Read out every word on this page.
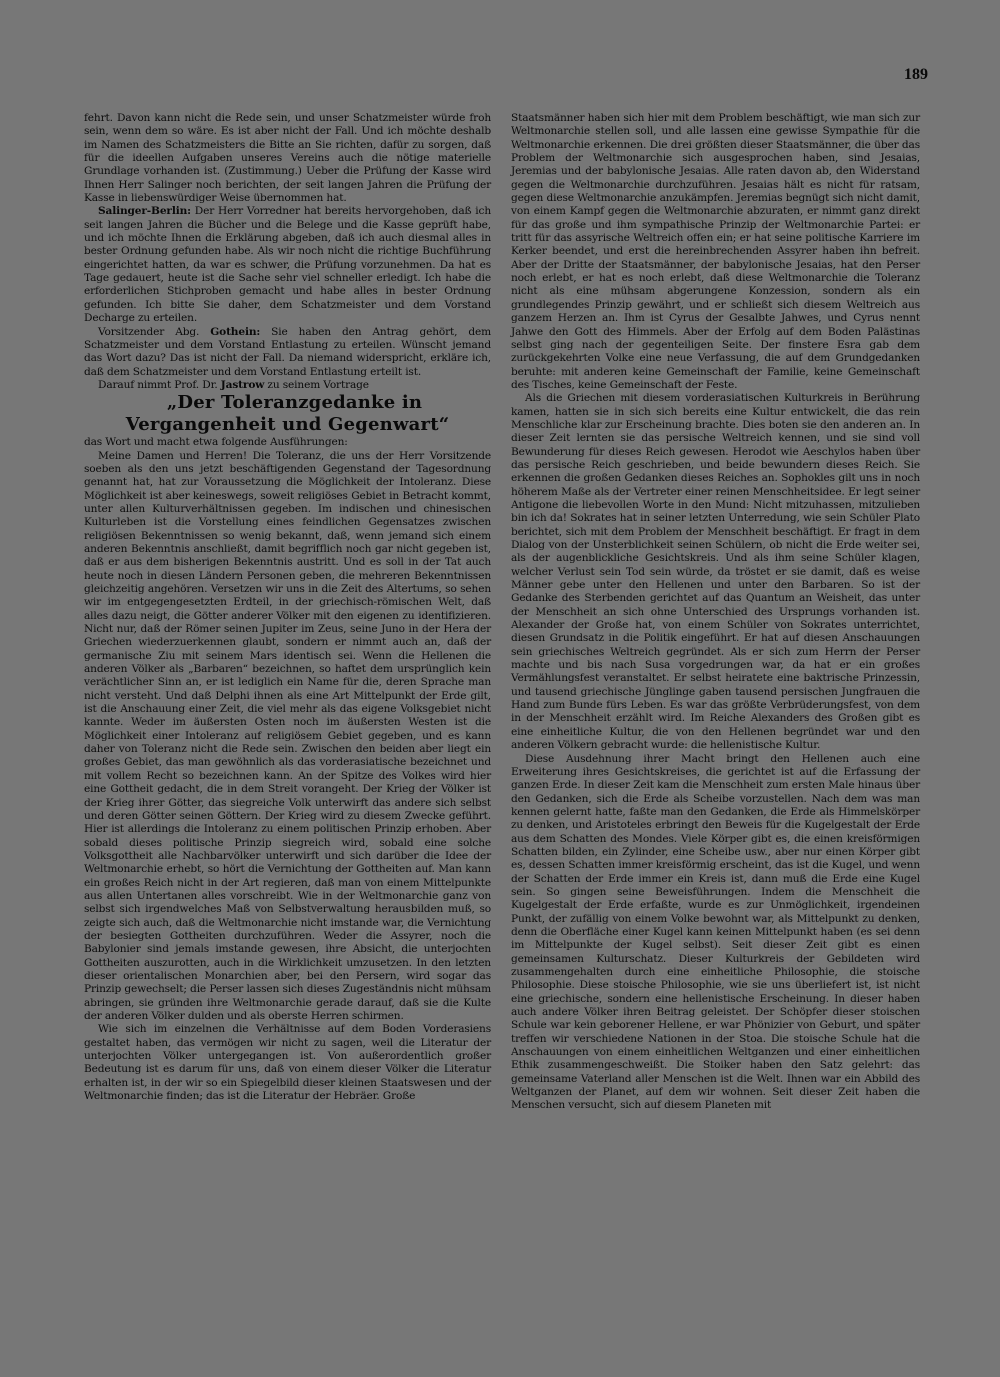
189

fehrt. Davon kann nicht die Rede sein, und unser Schatzmeister würde froh sein, wenn dem so wäre. Es ist aber nicht der Fall. Und ich möchte deshalb im Namen des Schatzmeisters die Bitte an Sie richten, dafür zu sorgen, daß für die ideellen Aufgaben unseres Vereins auch die nötige materielle Grundlage vorhanden ist. (Zustimmung.) Ueber die Prüfung der Kasse wird Ihnen Herr Salinger noch berichten, der seit langen Jahren die Prüfung der Kasse in liebenswürdiger Weise übernommen hat.

Salinger-Berlin: Der Herr Vorredner hat bereits hervorgehoben, daß ich seit langen Jahren die Bücher und die Belege und die Kasse geprüft habe, und ich möchte Ihnen die Erklärung abgeben, daß ich auch diesmal alles in bester Ordnung gefunden habe. Als wir noch nicht die richtige Buchführung eingerichtet hatten, da war es schwer, die Prüfung vorzunehmen. Da hat es Tage gedauert, heute ist die Sache sehr viel schneller erledigt. Ich habe die erforderlichen Stichproben gemacht und habe alles in bester Ordnung gefunden. Ich bitte Sie daher, dem Schatzmeister und dem Vorstand Decharge zu erteilen.

Vorsitzender Abg. Gothein: Sie haben den Antrag gehört, dem Schatzmeister und dem Vorstand Entlastung zu erteilen. Wünscht jemand das Wort dazu? Das ist nicht der Fall. Da niemand widerspricht, erkläre ich, daß dem Schatzmeister und dem Vorstand Entlastung erteilt ist.

Darauf nimmt Prof. Dr. Jastrow zu seinem Vortrage

„Der Toleranzgedanke in Vergangenheit und Gegenwart“

das Wort und macht etwa folgende Ausführungen:

Meine Damen und Herren! Die Toleranz, die uns der Herr Vorsitzende soeben als den uns jetzt beschäftigenden Gegenstand der Tagesordnung genannt hat, hat zur Voraussetzung die Möglichkeit der Intoleranz. Diese Möglichkeit ist aber keineswegs, soweit religiöses Gebiet in Betracht kommt, unter allen Kulturverhältnissen gegeben. Im indischen und chinesischen Kulturleben ist die Vorstellung eines feindlichen Gegensatzes zwischen religiösen Bekenntnissen so wenig bekannt, daß, wenn jemand sich einem anderen Bekenntnis anschließt, damit begrifflich noch gar nicht gegeben ist, daß er aus dem bisherigen Bekenntnis austritt. Und es soll in der Tat auch heute noch in diesen Ländern Personen geben, die mehreren Bekenntnissen gleichzeitig angehören. Versetzen wir uns in die Zeit des Altertums, so sehen wir im entgegengesetzten Erdteil, in der griechisch-römischen Welt, daß alles dazu neigt, die Götter anderer Völker mit den eigenen zu identifizieren. Nicht nur, daß der Römer seinen Jupiter im Zeus, seine Juno in der Hera der Griechen wiederzuerkennen glaubt, sondern er nimmt auch an, daß der germanische Ziu mit seinem Mars identisch sei. Wenn die Hellenen die anderen Völker als „Barbaren“ bezeichnen, so haftet dem ursprünglich kein verächtlicher Sinn an, er ist lediglich ein Name für die, deren Sprache man nicht versteht. Und daß Delphi ihnen als eine Art Mittelpunkt der Erde gilt, ist die Anschauung einer Zeit, die viel mehr als das eigene Volksgebiet nicht kannte. Weder im äußersten Osten noch im äußersten Westen ist die Möglichkeit einer Intoleranz auf religiösem Gebiet gegeben, und es kann daher von Toleranz nicht die Rede sein. Zwischen den beiden aber liegt ein großes Gebiet, das man gewöhnlich als das vorderasiatische bezeichnet und mit vollem Recht so bezeichnen kann. An der Spitze des Volkes wird hier eine Gottheit gedacht, die in dem Streit vorangeht. Der Krieg der Völker ist der Krieg ihrer Götter, das siegreiche Volk unterwirft das andere sich selbst und deren Götter seinen Göttern. Der Krieg wird zu diesem Zwecke geführt. Hier ist allerdings die Intoleranz zu einem politischen Prinzip erhoben. Aber sobald dieses politische Prinzip siegreich wird, sobald eine solche Volksgottheit alle Nachbarvölker unterwirft und sich darüber die Idee der Weltmonarchie erhebt, so hört die Vernichtung der Gottheiten auf. Man kann ein großes Reich nicht in der Art regieren, daß man von einem Mittelpunkte aus allen Untertanen alles vorschreibt. Wie in der Weltmonarchie ganz von selbst sich irgendwelches Maß von Selbstverwaltung herausbilden muß, so zeigte sich auch, daß die Weltmonarchie nicht imstande war, die Vernichtung der besiegten Gottheiten durchzuführen. Weder die Assyrer, noch die Babylonier sind jemals imstande gewesen, ihre Absicht, die unterjochten Gottheiten auszurotten, auch in die Wirklichkeit umzusetzen. In den letzten dieser orientalischen Monarchien aber, bei den Persern, wird sogar das Prinzip gewechselt; die Perser lassen sich dieses Zugeständnis nicht mühsam abringen, sie gründen ihre Weltmonarchie gerade darauf, daß sie die Kulte der anderen Völker dulden und als oberste Herren schirmen.

Wie sich im einzelnen die Verhältnisse auf dem Boden Vorderasiens gestaltet haben, das vermögen wir nicht zu sagen, weil die Literatur der unterjochten Völker untergegangen ist. Von außerordentlich großer Bedeutung ist es darum für uns, daß von einem dieser Völker die Literatur erhalten ist, in der wir so ein Spiegelbild dieser kleinen Staatswesen und der Weltmonarchie finden; das ist die Literatur der Hebräer. Große

Staatsmänner haben sich hier mit dem Problem beschäftigt, wie man sich zur Weltmonarchie stellen soll, und alle lassen eine gewisse Sympathie für die Weltmonarchie erkennen. Die drei größten dieser Staatsmänner, die über das Problem der Weltmonarchie sich ausgesprochen haben, sind Jesaias, Jeremias und der babylonische Jesaias. Alle raten davon ab, den Widerstand gegen die Weltmonarchie durchzuführen. Jesaias hält es nicht für ratsam, gegen diese Weltmonarchie anzukämpfen. Jeremias begnügt sich nicht damit, von einem Kampf gegen die Weltmonarchie abzuraten, er nimmt ganz direkt für das große und ihm sympathische Prinzip der Weltmonarchie Partei: er tritt für das assyrische Weltreich offen ein; er hat seine politische Karriere im Kerker beendet, und erst die hereinbrechenden Assyrer haben ihn befreit. Aber der Dritte der Staatsmänner, der babylonische Jesaias, hat den Perser noch erlebt, er hat es noch erlebt, daß diese Weltmonarchie die Toleranz nicht als eine mühsam abgerungene Konzession, sondern als ein grundlegendes Prinzip gewährt, und er schließt sich diesem Weltreich aus ganzem Herzen an. Ihm ist Cyrus der Gesalbte Jahwes, und Cyrus nennt Jahwe den Gott des Himmels. Aber der Erfolg auf dem Boden Palästinas selbst ging nach der gegenteiligen Seite. Der finstere Esra gab dem zurückgekehrten Volke eine neue Verfassung, die auf dem Grundgedanken beruhte: mit anderen keine Gemeinschaft der Familie, keine Gemeinschaft des Tisches, keine Gemeinschaft der Feste.

Als die Griechen mit diesem vorderasiatischen Kulturkreis in Berührung kamen, hatten sie in sich sich bereits eine Kultur entwickelt, die das rein Menschliche klar zur Erscheinung brachte. Dies boten sie den anderen an. In dieser Zeit lernten sie das persische Weltreich kennen, und sie sind voll Bewunderung für dieses Reich gewesen. Herodot wie Aeschylos haben über das persische Reich geschrieben, und beide bewundern dieses Reich. Sie erkennen die großen Gedanken dieses Reiches an. Sophokles gilt uns in noch höherem Maße als der Vertreter einer reinen Menschheitsidee. Er legt seiner Antigone die liebevollen Worte in den Mund: Nicht mitzuhassen, mitzulieben bin ich da! Sokrates hat in seiner letzten Unterredung, wie sein Schüler Plato berichtet, sich mit dem Problem der Menschheit beschäftigt. Er fragt in dem Dialog von der Unsterblichkeit seinen Schülern, ob nicht die Erde weiter sei, als der augenblickliche Gesichtskreis. Und als ihm seine Schüler klagen, welcher Verlust sein Tod sein würde, da tröstet er sie damit, daß es weise Männer gebe unter den Hellenen und unter den Barbaren. So ist der Gedanke des Sterbenden gerichtet auf das Quantum an Weisheit, das unter der Menschheit an sich ohne Unterschied des Ursprungs vorhanden ist. Alexander der Große hat, von einem Schüler von Sokrates unterrichtet, diesen Grundsatz in die Politik eingeführt. Er hat auf diesen Anschauungen sein griechisches Weltreich gegründet. Als er sich zum Herrn der Perser machte und bis nach Susa vorgedrungen war, da hat er ein großes Vermählungsfest veranstaltet. Er selbst heiratete eine baktrische Prinzessin, und tausend griechische Jünglinge gaben tausend persischen Jungfrauen die Hand zum Bunde fürs Leben. Es war das größte Verbrüderungsfest, von dem in der Menschheit erzählt wird. Im Reiche Alexanders des Großen gibt es eine einheitliche Kultur, die von den Hellenen begründet war und den anderen Völkern gebracht wurde: die hellenistische Kultur.

Diese Ausdehnung ihrer Macht bringt den Hellenen auch eine Erweiterung ihres Gesichtskreises, die gerichtet ist auf die Erfassung der ganzen Erde. In dieser Zeit kam die Menschheit zum ersten Male hinaus über den Gedanken, sich die Erde als Scheibe vorzustellen. Nach dem was man kennen gelernt hatte, faßte man den Gedanken, die Erde als Himmelskörper zu denken, und Aristoteles erbringt den Beweis für die Kugelgestalt der Erde aus dem Schatten des Mondes. Viele Körper gibt es, die einen kreisförmigen Schatten bilden, ein Zylinder, eine Scheibe usw., aber nur einen Körper gibt es, dessen Schatten immer kreisförmig erscheint, das ist die Kugel, und wenn der Schatten der Erde immer ein Kreis ist, dann muß die Erde eine Kugel sein. So gingen seine Beweisführungen. Indem die Menschheit die Kugelgestalt der Erde erfaßte, wurde es zur Unmöglichkeit, irgendeinen Punkt, der zufällig von einem Volke bewohnt war, als Mittelpunkt zu denken, denn die Oberfläche einer Kugel kann keinen Mittelpunkt haben (es sei denn im Mittelpunkte der Kugel selbst). Seit dieser Zeit gibt es einen gemeinsamen Kulturschatz. Dieser Kulturkreis der Gebildeten wird zusammengehalten durch eine einheitliche Philosophie, die stoische Philosophie. Diese stoische Philosophie, wie sie uns überliefert ist, ist nicht eine griechische, sondern eine hellenistische Erscheinung. In dieser haben auch andere Völker ihren Beitrag geleistet. Der Schöpfer dieser stoischen Schule war kein geborener Hellene, er war Phönizier von Geburt, und später treffen wir verschiedene Nationen in der Stoa. Die stoische Schule hat die Anschauungen von einem einheitlichen Weltganzen und einer einheitlichen Ethik zusammengeschweißt. Die Stoiker haben den Satz gelehrt: das gemeinsame Vaterland aller Menschen ist die Welt. Ihnen war ein Abbild des Weltganzen der Planet, auf dem wir wohnen. Seit dieser Zeit haben die Menschen versucht, sich auf diesem Planeten mit
